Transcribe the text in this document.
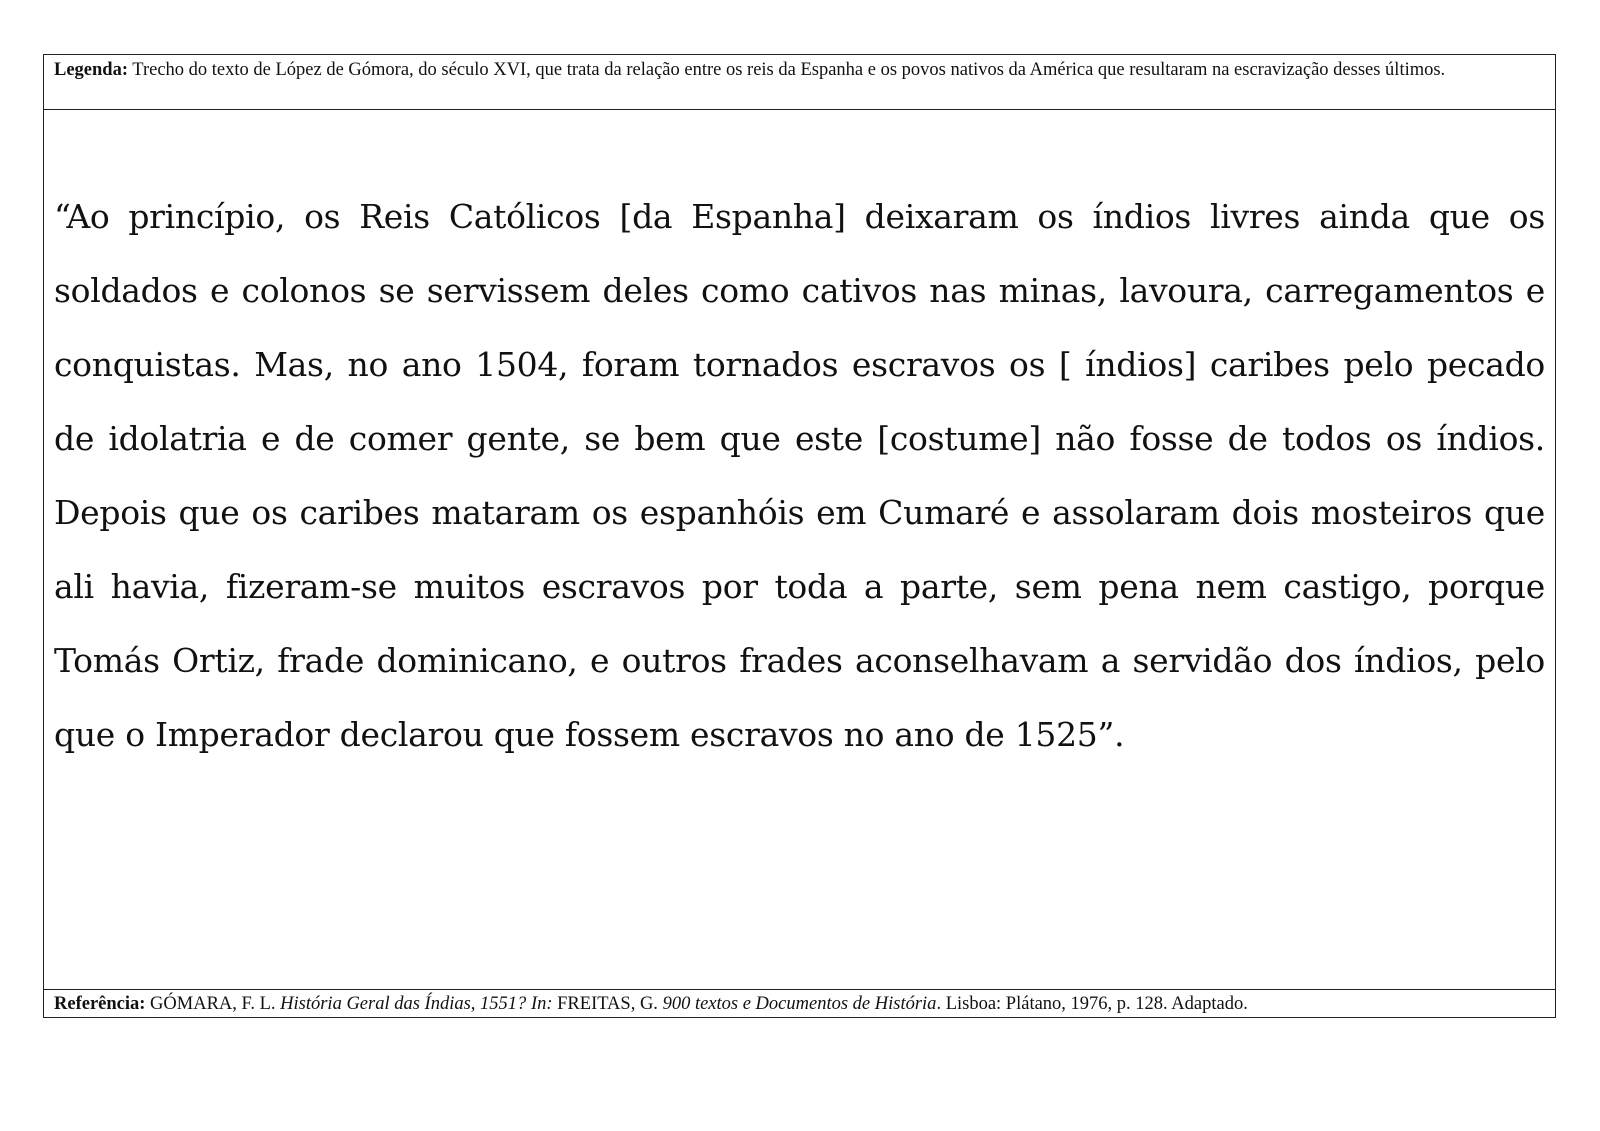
Legenda: Trecho do texto de López de Gómora, do século XVI, que trata da relação entre os reis da Espanha e os povos nativos da América que resultaram na escravização desses últimos.

“Ao princípio, os Reis Católicos [da Espanha] deixaram os índios livres ainda que os soldados e colonos se servissem deles como cativos nas minas, lavoura, carregamentos e conquistas. Mas, no ano 1504, foram tornados escravos os [ índios] caribes pelo pecado de idolatria e de comer gente, se bem que este [costume] não fosse de todos os índios. Depois que os caribes mataram os espanhóis em Cumaré e assolaram dois mosteiros que ali havia, fizeram-se muitos escravos por toda a parte, sem pena nem castigo, porque Tomás Ortiz, frade dominicano, e outros frades aconselhavam a servidão dos índios, pelo que o Imperador declarou que fossem escravos no ano de 1525”.

Referência: GÓMARA, F. L. História Geral das Índias, 1551? In: FREITAS, G. 900 textos e Documentos de História. Lisboa: Plátano, 1976, p. 128. Adaptado.
